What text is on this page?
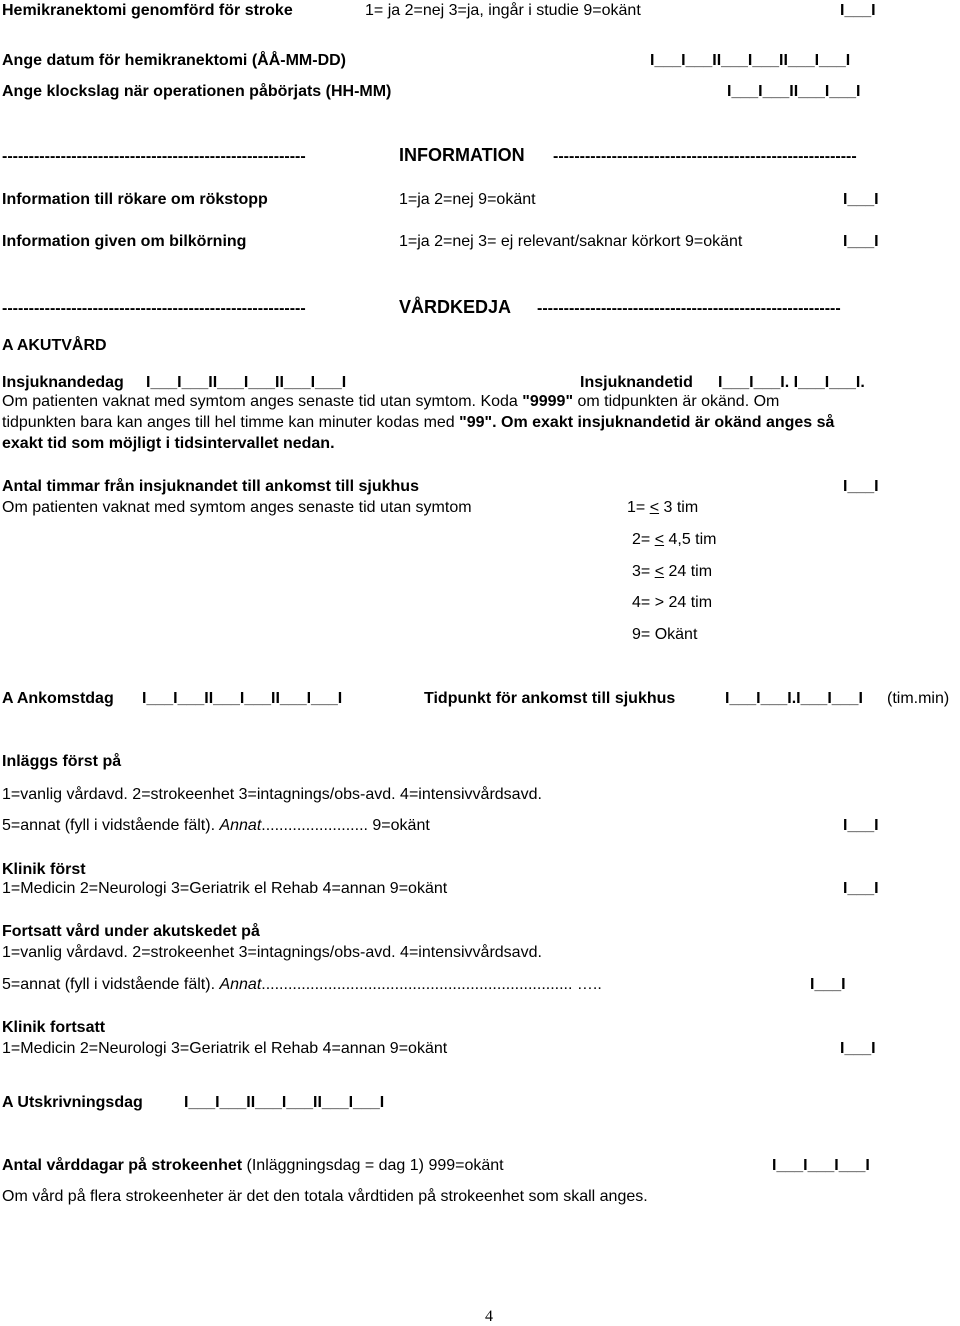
Hemikranektomi genomförd för stroke	1= ja 2=nej 3=ja, ingår i studie 9=okänt	I___I
Ange datum för hemikranektomi (ÅÅ-MM-DD)	I___I___II___I___II___I___I
Ange klockslag när operationen påbörjats (HH-MM)	I___I___II___I___I
---------------------------------------------------------	INFORMATION ---------------------------------------------------------
Information till rökare om rökstopp	1=ja 2=nej 9=okänt	I___I
Information given om bilkörning	1=ja 2=nej 3= ej relevant/saknar körkort 9=okänt	I___I
---------------------------------------------------------	VÅRDKEDJA ---------------------------------------------------------
A AKUTVÅRD
Insjuknandedag I___I___II___I___II___I___I	Insjuknandetid I___I___I. I___I___I.
Om patienten vaknat med symtom anges senaste tid utan symtom. Koda "9999" om tidpunkten är okänd. Om
tidpunkten bara kan anges till hel timme kan minuter kodas med "99". Om exakt insjuknandetid är okänd anges så
exakt tid som möjligt i tidsintervallet nedan.
Antal timmar från insjuknandet till ankomst till sjukhus	I___I
Om patienten vaknat med symtom anges senaste tid utan symtom	1= < 3 tim
2= < 4,5 tim
3= < 24 tim
4= > 24 tim
9= Okänt
A Ankomstdag I___I___II___I___II___I___I	Tidpunkt för ankomst till sjukhus	I___I___I.I___I___I (tim.min)
Inläggs först på
1=vanlig vårdavd. 2=strokeenhet 3=intagnings/obs-avd. 4=intensivvårdsavd.
5=annat (fyll i vidstående fält). Annat........................ 9=okänt	I___I
Klinik först
1=Medicin 2=Neurologi 3=Geriatrik el Rehab 4=annan 9=okänt	I___I
Fortsatt vård under akutskedet på
1=vanlig vårdavd. 2=strokeenhet 3=intagnings/obs-avd. 4=intensivvårdsavd.
5=annat (fyll i vidstående fält). Annat...................................................................... …..	I___I
Klinik fortsatt
1=Medicin 2=Neurologi 3=Geriatrik el Rehab 4=annan 9=okänt	I___I
A Utskrivningsdag	I___I___II___I___II___I___I
Antal vårddagar på strokeenhet (Inläggningsdag = dag 1) 999=okänt	I___I___I___I
Om vård på flera strokeenheter är det den totala vårdtiden på strokeenhet som skall anges.
4
